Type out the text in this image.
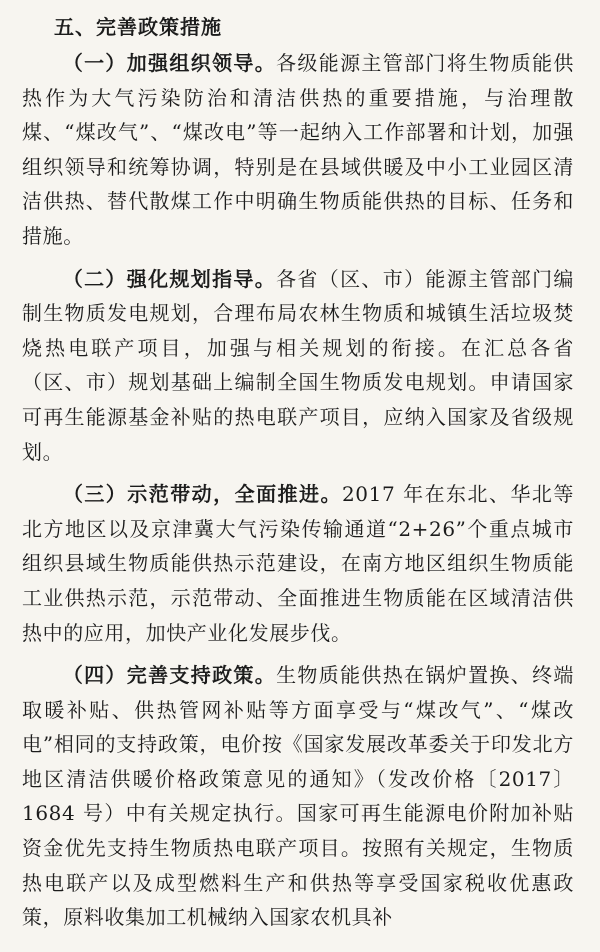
五、完善政策措施

（一）加强组织领导。各级能源主管部门将生物质能供热作为大气污染防治和清洁供热的重要措施，与治理散煤、“煤改气”、“煤改电”等一起纳入工作部署和计划，加强组织领导和统筹协调，特别是在县域供暖及中小工业园区清洁供热、替代散煤工作中明确生物质能供热的目标、任务和措施。

（二）强化规划指导。各省（区、市）能源主管部门编制生物质发电规划，合理布局农林生物质和城镇生活垃圾焚烧热电联产项目，加强与相关规划的衔接。在汇总各省（区、市）规划基础上编制全国生物质发电规划。申请国家可再生能源基金补贴的热电联产项目，应纳入国家及省级规划。

（三）示范带动，全面推进。2017 年在东北、华北等北方地区以及京津冀大气污染传输通道“2+26”个重点城市组织县域生物质能供热示范建设，在南方地区组织生物质能工业供热示范，示范带动、全面推进生物质能在区域清洁供热中的应用，加快产业化发展步伐。

（四）完善支持政策。生物质能供热在锅炉置换、终端取暖补贴、供热管网补贴等方面享受与“煤改气”、“煤改电”相同的支持政策，电价按《国家发展改革委关于印发北方地区清洁供暖价格政策意见的通知》（发改价格〔2017〕1684 号）中有关规定执行。国家可再生能源电价附加补贴资金优先支持生物质热电联产项目。按照有关规定，生物质热电联产以及成型燃料生产和供热等享受国家税收优惠政策，原料收集加工机械纳入国家农机具补
